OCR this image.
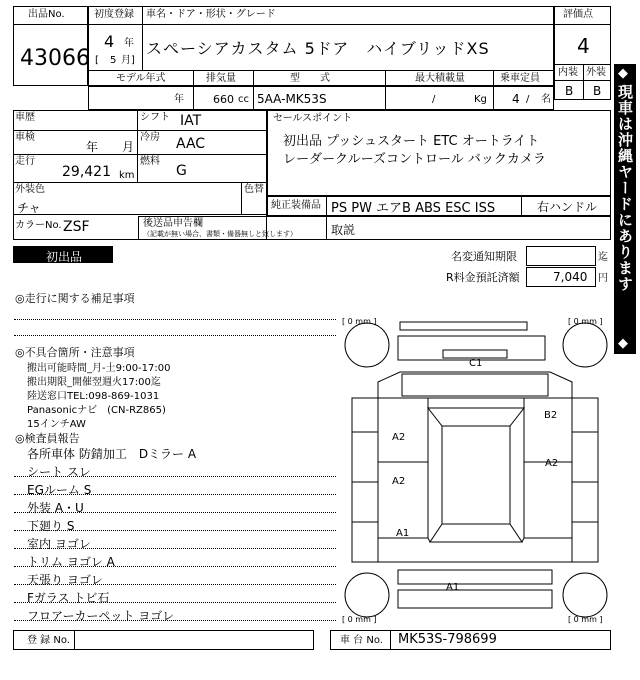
出品No.
43066
初度登録
4 年
[ 5 月]
車名・ドア・形状・グレード
スペーシアカスタム 5ドア　ハイブリッドXS
評価点
4
内装 外装
B B
モデル年式
年
排気量
660 cc
型　　式
5AA-MK53S
最大積載量
/	Kg
乗車定員
4 / 名
車歴
車検
年 月
走行
29,421 km
シフト IAT
冷房 AAC
燃料
G
外装色
チャ
色替
カラーNo. ZSF
セールスポイント
初出品 プッシュスタート ETC オートライト
レーダークルーズコントロール バックカメラ
純正装備品 PS PW エアB ABS ESC ISS	右ハンドル
後送品申告欄
（記載が無い場合、書類・備器無しと致します）	取説
初出品	名変通知期限	迄
R料金預託済額	7,040 円
◎走行に関する補足事項
◎不具合箇所・注意事項
搬出可能時間_月-土9:00-17:00
搬出期限_開催翌週火17:00迄
陸送窓口TEL:098-869-1031
Panasonicナビ　(CN-RZ865)
15インチAW
◎検査員報告
各所車体 防錆加工　Dミラー A
シート スレ
EGルーム S
外装 A・U
下廻り S
室内 ヨゴレ
トリム ヨゴレ A
天張り ヨゴレ
Fガラス トビ石
フロアーカーペット ヨゴレ
[ 0 mm ]	[ 0 mm ]
[ 0 mm ]	[ 0 mm ]
C1
B2
A2
A2
A2
A1
A1
登 録 No.	車 台 No. MK53S-798699
◆
現車は沖縄ヤードにあります
◆
